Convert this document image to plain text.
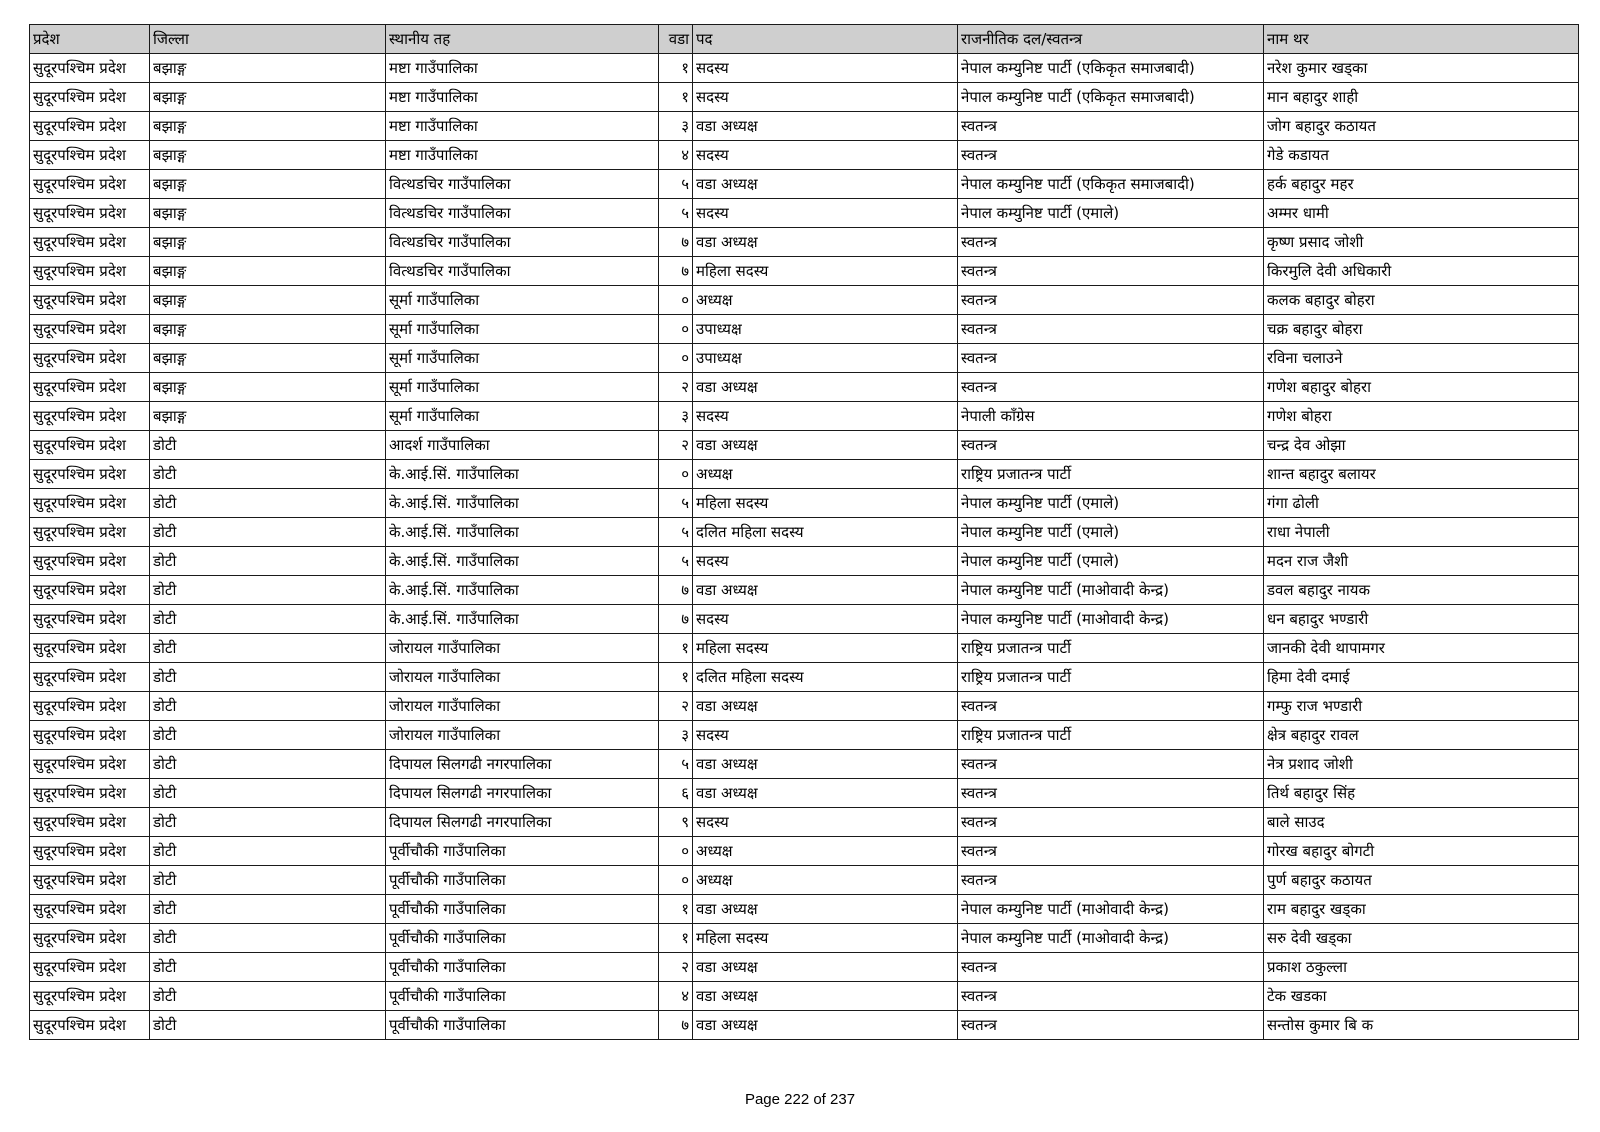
प्रदेश	जिल्ला	स्थानीय तह	वडा	पद	राजनीतिक दल/स्वतन्त्र	नाम थर
सुदूरपश्चिम प्रदेश	बझाङ्ग	मष्टा गाउँपालिका	१	सदस्य	नेपाल कम्युनिष्ट पार्टी (एकिकृत समाजबादी)	नरेश कुमार खड्का
सुदूरपश्चिम प्रदेश	बझाङ्ग	मष्टा गाउँपालिका	१	सदस्य	नेपाल कम्युनिष्ट पार्टी (एकिकृत समाजबादी)	मान बहादुर शाही
सुदूरपश्चिम प्रदेश	बझाङ्ग	मष्टा गाउँपालिका	३	वडा अध्यक्ष	स्वतन्त्र	जोग बहादुर कठायत
सुदूरपश्चिम प्रदेश	बझाङ्ग	मष्टा गाउँपालिका	४	सदस्य	स्वतन्त्र	गेडे कडायत
सुदूरपश्चिम प्रदेश	बझाङ्ग	वित्थडचिर गाउँपालिका	५	वडा अध्यक्ष	नेपाल कम्युनिष्ट पार्टी (एकिकृत समाजबादी)	हर्क बहादुर महर
सुदूरपश्चिम प्रदेश	बझाङ्ग	वित्थडचिर गाउँपालिका	५	सदस्य	नेपाल कम्युनिष्ट पार्टी (एमाले)	अम्मर धामी
सुदूरपश्चिम प्रदेश	बझाङ्ग	वित्थडचिर गाउँपालिका	७	वडा अध्यक्ष	स्वतन्त्र	कृष्ण प्रसाद जोशी
सुदूरपश्चिम प्रदेश	बझाङ्ग	वित्थडचिर गाउँपालिका	७	महिला सदस्य	स्वतन्त्र	किरमुलि देवी अधिकारी
सुदूरपश्चिम प्रदेश	बझाङ्ग	सूर्मा गाउँपालिका	०	अध्यक्ष	स्वतन्त्र	कलक बहादुर बोहरा
सुदूरपश्चिम प्रदेश	बझाङ्ग	सूर्मा गाउँपालिका	०	उपाध्यक्ष	स्वतन्त्र	चक्र बहादुर बोहरा
सुदूरपश्चिम प्रदेश	बझाङ्ग	सूर्मा गाउँपालिका	०	उपाध्यक्ष	स्वतन्त्र	रविना चलाउने
सुदूरपश्चिम प्रदेश	बझाङ्ग	सूर्मा गाउँपालिका	२	वडा अध्यक्ष	स्वतन्त्र	गणेश बहादुर बोहरा
सुदूरपश्चिम प्रदेश	बझाङ्ग	सूर्मा गाउँपालिका	३	सदस्य	नेपाली काँग्रेस	गणेश बोहरा
सुदूरपश्चिम प्रदेश	डोटी	आदर्श गाउँपालिका	२	वडा अध्यक्ष	स्वतन्त्र	चन्द्र देव ओझा
सुदूरपश्चिम प्रदेश	डोटी	के.आई.सिं. गाउँपालिका	०	अध्यक्ष	राष्ट्रिय प्रजातन्त्र पार्टी	शान्त बहादुर बलायर
सुदूरपश्चिम प्रदेश	डोटी	के.आई.सिं. गाउँपालिका	५	महिला सदस्य	नेपाल कम्युनिष्ट पार्टी (एमाले)	गंगा ढोली
सुदूरपश्चिम प्रदेश	डोटी	के.आई.सिं. गाउँपालिका	५	दलित महिला सदस्य	नेपाल कम्युनिष्ट पार्टी (एमाले)	राधा नेपाली
सुदूरपश्चिम प्रदेश	डोटी	के.आई.सिं. गाउँपालिका	५	सदस्य	नेपाल कम्युनिष्ट पार्टी (एमाले)	मदन राज जैशी
सुदूरपश्चिम प्रदेश	डोटी	के.आई.सिं. गाउँपालिका	७	वडा अध्यक्ष	नेपाल कम्युनिष्ट पार्टी (माओवादी केन्द्र)	डवल बहादुर नायक
सुदूरपश्चिम प्रदेश	डोटी	के.आई.सिं. गाउँपालिका	७	सदस्य	नेपाल कम्युनिष्ट पार्टी (माओवादी केन्द्र)	धन बहादुर भण्डारी
सुदूरपश्चिम प्रदेश	डोटी	जोरायल गाउँपालिका	१	महिला सदस्य	राष्ट्रिय प्रजातन्त्र पार्टी	जानकी देवी थापामगर
सुदूरपश्चिम प्रदेश	डोटी	जोरायल गाउँपालिका	१	दलित महिला सदस्य	राष्ट्रिय प्रजातन्त्र पार्टी	हिमा देवी दमाई
सुदूरपश्चिम प्रदेश	डोटी	जोरायल गाउँपालिका	२	वडा अध्यक्ष	स्वतन्त्र	गम्फु राज भण्डारी
सुदूरपश्चिम प्रदेश	डोटी	जोरायल गाउँपालिका	३	सदस्य	राष्ट्रिय प्रजातन्त्र पार्टी	क्षेत्र बहादुर रावल
सुदूरपश्चिम प्रदेश	डोटी	दिपायल सिलगढी नगरपालिका	५	वडा अध्यक्ष	स्वतन्त्र	नेत्र प्रशाद जोशी
सुदूरपश्चिम प्रदेश	डोटी	दिपायल सिलगढी नगरपालिका	६	वडा अध्यक्ष	स्वतन्त्र	तिर्थ बहादुर सिंह
सुदूरपश्चिम प्रदेश	डोटी	दिपायल सिलगढी नगरपालिका	९	सदस्य	स्वतन्त्र	बाले साउद
सुदूरपश्चिम प्रदेश	डोटी	पूर्वीचौकी गाउँपालिका	०	अध्यक्ष	स्वतन्त्र	गोरख बहादुर बोगटी
सुदूरपश्चिम प्रदेश	डोटी	पूर्वीचौकी गाउँपालिका	०	अध्यक्ष	स्वतन्त्र	पुर्ण बहादुर कठायत
सुदूरपश्चिम प्रदेश	डोटी	पूर्वीचौकी गाउँपालिका	१	वडा अध्यक्ष	नेपाल कम्युनिष्ट पार्टी (माओवादी केन्द्र)	राम बहादुर खड्का
सुदूरपश्चिम प्रदेश	डोटी	पूर्वीचौकी गाउँपालिका	१	महिला सदस्य	नेपाल कम्युनिष्ट पार्टी (माओवादी केन्द्र)	सरु देवी खड्का
सुदूरपश्चिम प्रदेश	डोटी	पूर्वीचौकी गाउँपालिका	२	वडा अध्यक्ष	स्वतन्त्र	प्रकाश ठकुल्ला
सुदूरपश्चिम प्रदेश	डोटी	पूर्वीचौकी गाउँपालिका	४	वडा अध्यक्ष	स्वतन्त्र	टेक खडका
सुदूरपश्चिम प्रदेश	डोटी	पूर्वीचौकी गाउँपालिका	७	वडा अध्यक्ष	स्वतन्त्र	सन्तोस कुमार बि क
Page 222 of 237
